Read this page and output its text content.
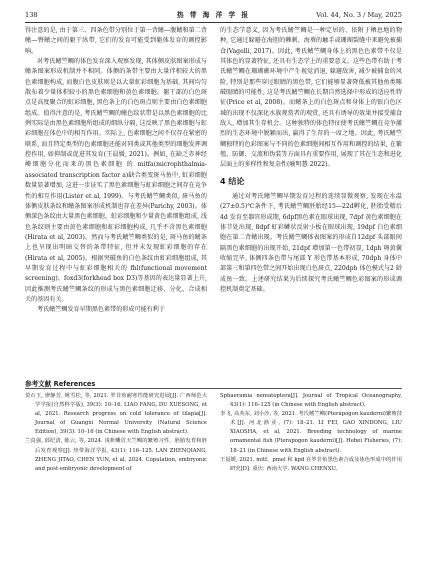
138	热 带 海 洋 学 报	Vol. 44, No. 3 / May, 2025

得注意的是, 由于第三、四条色带分别位于第一背鳍—腹鳍和第二背鳍—臀鳍之间的躯干纵带, 它们的发育可能受到躯体发育的调控影响。

对考氏鳍竺鲷的体色发育深入观察发现, 其体侧皮肤图案形成与鳍条图案形成机制并不相同。体侧的条带主要由大量伴积较大的黑色素细胞构成, 而腹白色皮肤则是以大量虹彩细胞为基础, 其间均匀散布着少量体积较小的黑色素细胞和黄色素细胞。躯干部的白色斑点是高度聚合的虹彩细胞, 黑色条上的白色斑点则主要由白色素细胞组成。值得注意的是, 考氏鳍竺鲷的鳍色纹状带是以黑色素细胞的比例实际是由黑色素细胞所组成的细纵分隔, 这反映了黑色素细胞与虹彩细胞在体色中的相互作用。实际上, 色素细胞之间不仅存在紧密的联系, 而且特定类型的色素细胞还能对同类或其他类型的细胞发挥调控作用, 如抑制或促进其发育(王晨媛, 2021)。例如, 在缺乏赤神经嵴细胞分化而来的黑色素细胞 的 mitfa(microphthalmia-associated transcription factor a)缺合类变斑马鱼中, 虹彩细胞数量显著增加, 这进一步证实了黑色素细胞与虹彩细胞之间存在竞争性的相互作用(Lister et al, 1999)。与考氏鳍竺鲷类似, 斑马鱼的体侧皮肤条纹和鳍条图案形成机制也存在差异(Parichy, 2003)。体侧深色条纹由大量黑色素细胞、虹彩细胞和少量黄色素细胞组成, 浅色条纹则主要由黄色素细胞和虹彩细胞构成, 几乎不含黑色素细胞(Hirata et al, 2003)。然而与考氏鳍竺鲷类似的是, 斑马鱼的鳍条上也呈现出明暗交替的条带特征, 但并未发现虹彩细胞的存在(Hirata et al, 2005)。根据突破鱼的白色条纹由虹彩细胞组成, 其早期发育过程中与虹彩细胞相关的 fhl(functional movement screening)、foxd3(forkhead box D3)等基因的表达量显著上升, 因此推测考氏鳍竺鲷条纹的形成与黑色素细胞迁移、分化、合成相关的基因有关。

考氏鳍竺鲷发育早期黑色素带的形成可能有利于

的生态学意义, 因为考氏鳍竺鲷是一种定居的、依附于栖息地的物种, 它通过躲避在海胆的棘刺、海葵的触手或珊瑚裂缝中来避免被捕食(Vagelli, 2017)。因此, 考氏鳍竺鲷身体上的黑色色素带不仅是其体色的显著特征, 还具有生态学上的重要意义。这些色带有助于考氏鳍竺鲷在珊瑚礁环境中产生视觉消退, 躲避敌害, 减少被捕食的风险, 特别是那些穿过眼睛的黑色带, 它们能够显著降低被其他鱼类啄破眼睛的可能性, 这是考氏鳍竺鲷在长期自然选择中形成的适应性特征(Price et al, 2008)。而鳍条上的白色斑点和身体上的银白色区域的出现不仅深化水族观赏者的观赏, 还具有诱导的效果并接受捕食敌人, 增加其生存机会。这种独特的体色特征使考氏鳍竺鲷在竞争激烈的生态环境中脱颖而出, 赢得了生存的一席之地。因此, 考氏鳍竺鲷独特的色彩图案与不同的色素细胞间相互作用和调控的结果, 在繁殖、防御、交流和伪装等方面具有重要作用, 展现了其在生态和进化层面上的多样性和复杂性(喻明慧 2022)。

4 结论

通过对考氏鳍竺鲷早期发育过程的连续显微观察, 发现在水温(27±0.5)℃条件下, 考氏鳍竺鲷胚胎经15—22d孵化, 胚胎受精后 4d 发育至器官形成期, 6dpf黑色素在眼球出现, 7dpf 黄色素细胞在体节处出现, 8dpf 虹彩鳞状反射小板在眼球出现, 19dpf 白色素细胞在第二背鳍出现。考氏鳍竺鲷体表图案的形成自12dpf 头部眼间隔黑色素细胞的出现开始, 21dpf 增加第一色带初显, 1dph 卵黄囊收缩完毕, 体侧四条色带与尾部 Y 形色带基本形成, 70dph 身体中部第三和第四色带之间开始出现白色斑点, 220dph 体色模式与2 龄成鱼一致。上述研究结果为后续探究考氏鳍竺鲷色彩图案的形成调控机制奠定基础。

参考文献 References
贺石玉, 廖静芳, 姚雪松, 等, 2021. 罗非鱼耐寒性能研究进展[J]. 广西师范大学学报(自然科学版), 39(3): 10–16. LIAO FANG, DU XUESONG, et al, 2021. Research progress on cold tolerance of tilapia[J]. Journal of Guangxi Normal University (Natural Science Edition), 39(3): 10–16 (in Chinese with English abstract).
兰真强, 邱纪清, 陈云, 等, 2024. 浅析鳞首天竺鲷的繁殖习性、胚胎发育和胚后发育观察[J]. 热带海洋学报, 43(1): 116–125. LAN ZHENQIANG, ZHENG JITAO, CHEN YUN, et al, 2024. Copulation, embryonic and post-embryonic development of
Sphaeramia nematoptera[J]. Journal of Tropical Oceanography, 43(1): 116–125 (in Chinese with English abstract).
李飞, 高英东, 刘小沙, 等, 2021. 考氏鳍竺鲷(Pterapogon kauderni)繁殖技术[J]. 河北渔业, (7): 18–21. LI FEI, GAO XINDONG, LIU XIAOSHA, et al, 2021. Breeding technology of marine ornamental fish (Pterapogon kauderni)[J]. Hebei Fisheries, (7): 18–21 (in Chinese with English abstract).
王晨媛, 2021. mitf、pmel 和 kpd 在罗非鱼黑色素合成及体色形成中的作用研究[D]. 重庆: 西南大学. WANG CHENXU,
